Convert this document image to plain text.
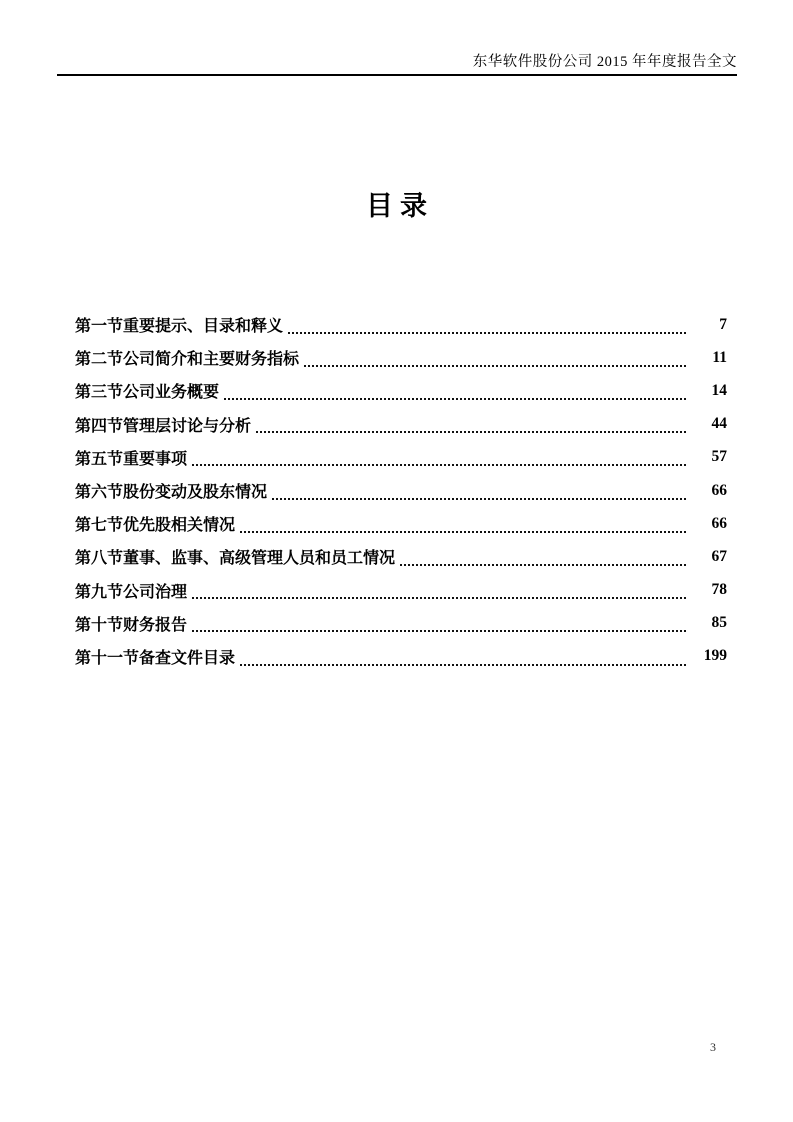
东华软件股份公司 2015 年年度报告全文
目录
第一节重要提示、目录和释义	7
第二节公司简介和主要财务指标	11
第三节公司业务概要	14
第四节管理层讨论与分析	44
第五节重要事项	57
第六节股份变动及股东情况	66
第七节优先股相关情况	66
第八节董事、监事、高级管理人员和员工情况	67
第九节公司治理	78
第十节财务报告	85
第十一节备查文件目录	199
3
